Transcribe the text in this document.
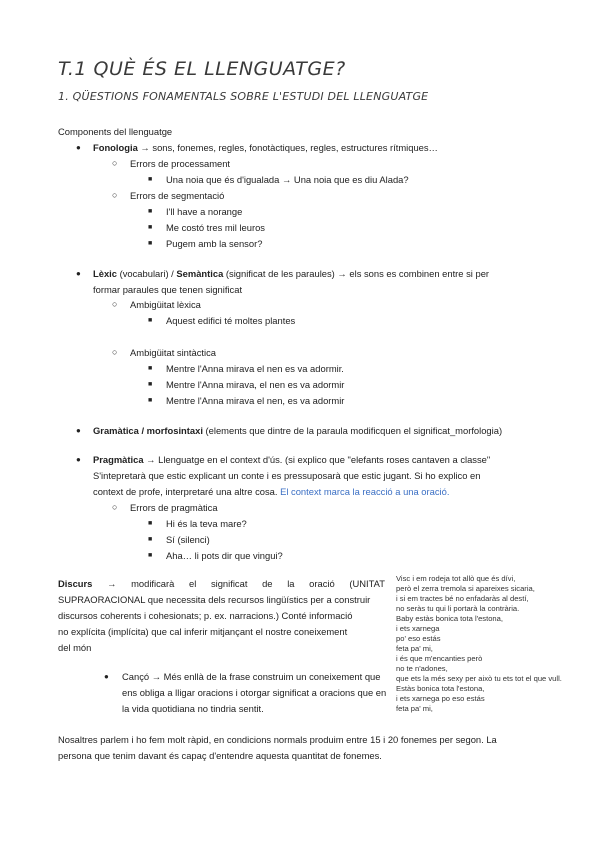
T.1 QUÈ ÉS EL LLENGUATGE?
1. QÜESTIONS FONAMENTALS SOBRE L'ESTUDI DEL LLENGUATGE
Components del llenguatge
● Fonologia → sons, fonemes, regles, fonotàctiques, regles, estructures rítmiques…
○ Errors de processament
■ Una noia que és d'igualada → Una noia que es diu Alada?
○ Errors de segmentació
■ I'll have a norange
■ Me costó tres mil leuros
■ Pugem amb la sensor?
● Lèxic (vocabulari) / Semàntica (significat de les paraules) → els sons es combinen entre si per
formar paraules que tenen significat
○ Ambigüitat lèxica
■ Aquest edifici té moltes plantes
○ Ambigüitat sintàctica
■ Mentre l'Anna mirava el nen es va adormir.
■ Mentre l'Anna mirava, el nen es va adormir
■ Mentre l'Anna mirava el nen, es va adormir
● Gramàtica / morfosintaxi (elements que dintre de la paraula modificquen el significat_morfologia)
● Pragmàtica → Llenguatge en el context d'ús. (si explico que "elefants roses cantaven a classe"
S'intepretarà que estic explicant un conte i es pressuposarà que estic jugant. Si ho explico en
context de profe, interpretaré una altre cosa. El context marca la reacció a una oració.
○ Errors de pragmàtica
■ Hi és la teva mare?
■ Sí (silenci)
■ Aha… li pots dir que vingui?
Discurs → modificarà el significat de la oració (UNITAT
SUPRAORACIONAL que necessita dels recursos lingüístics per a construir
discursos coherents i cohesionats; p. ex. narracions.) Conté informació
no explícita (implícita) que cal inferir mitjançant el nostre coneixement
del món
● Cançó → Més enllà de la frase construim un coneixement que
ens obliga a lligar oracions i otorgar significat a oracions que en
la vida quotidiana no tindria sentit.
Visc i em rodeja tot allò que és dívi,
però el zerra tremola si apareixes sicaria,
i si em tractes bé no enfadaràs al destí,
no seràs tu qui li portarà la contrària.
Baby estàs bonica tota l'estona,
i ets xarnega
po' eso estás
feta pa' mi,
i és que m'encanties però
no te n'adones,
que ets la més sexy per això tu ets tot el que vull.
Estàs bonica tota l'estona,
i ets xarnega po eso estás
feta pa' mi,
Nosaltres parlem i ho fem molt ràpid, en condicions normals produim entre 15 i 20 fonemes per segon. La
persona que tenim davant és capaç d'entendre aquesta quantitat de fonemes.
